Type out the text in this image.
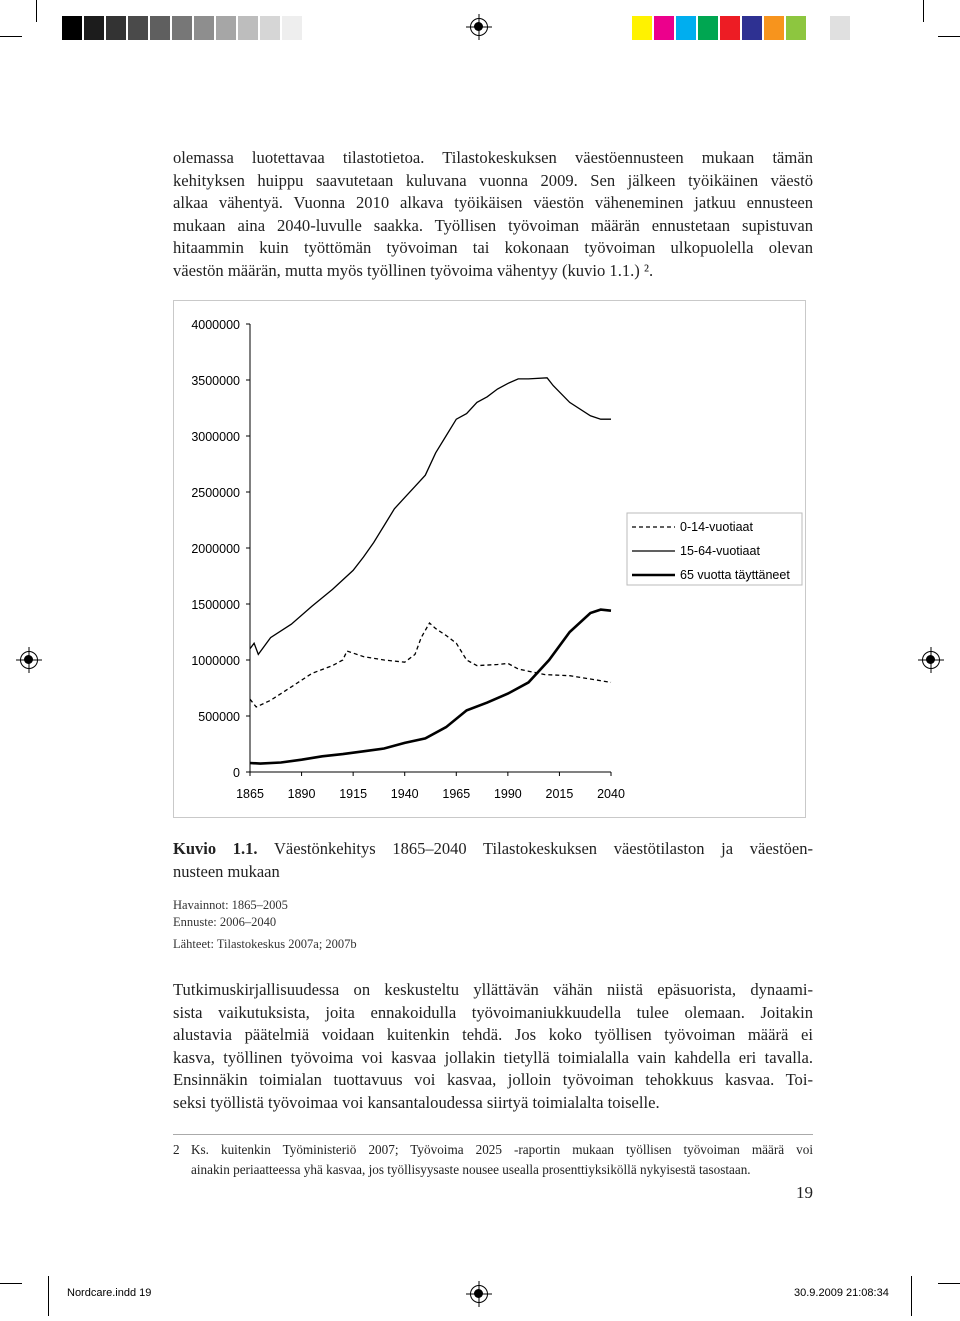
olemassa luotettavaa tilastotietoa. Tilastokeskuksen väestöennusteen mukaan tämän
kehityksen huippu saavutetaan kuluvana vuonna 2009. Sen jälkeen työikäinen väestö
alkaa vähentyä. Vuonna 2010 alkava työikäisen väestön väheneminen jatkuu ennusteen
mukaan aina 2040-luvulle saakka. Työllisen työvoiman määrän ennustetaan supistuvan
hitaammin kuin työttömän työvoiman tai kokonaan työvoiman ulkopuolella olevan
väestön määrän, mutta myös työllinen työvoima vähentyy (kuvio 1.1.) ².

0
500000
1000000
1500000
2000000
2500000
3000000
3500000
4000000
1865 1890 1915 1940 1965 1990 2015 2040
0-14-vuotiaat
15-64-vuotiaat
65 vuotta täyttäneet

Kuvio 1.1. Väestönkehitys 1865–2040 Tilastokeskuksen väestötilaston ja väestöen-
nusteen mukaan

Havainnot: 1865–2005
Ennuste: 2006–2040
Lähteet: Tilastokeskus 2007a; 2007b

Tutkimuskirjallisuudessa on keskusteltu yllättävän vähän niistä epäsuorista, dynaami-
sista vaikutuksista, joita ennakoidulla työvoimaniukkuudella tulee olemaan. Joitakin
alustavia päätelmiä voidaan kuitenkin tehdä. Jos koko työllisen työvoiman määrä ei
kasva, työllinen työvoima voi kasvaa jollakin tietyllä toimialalla vain kahdella eri tavalla.
Ensinnäkin toimialan tuottavuus voi kasvaa, jolloin työvoiman tehokkuus kasvaa. Toi-
seksi työllistä työvoimaa voi kansantaloudessa siirtyä toimialalta toiselle.

2 Ks. kuitenkin Työministeriö 2007; Työvoima 2025 -raportin mukaan työllisen työvoiman määrä voi
ainakin periaatteessa yhä kasvaa, jos työllisyysaste nousee usealla prosenttiyksiköllä nykyisestä tasostaan.
19
Nordcare.indd 19	30.9.2009 21:08:34
